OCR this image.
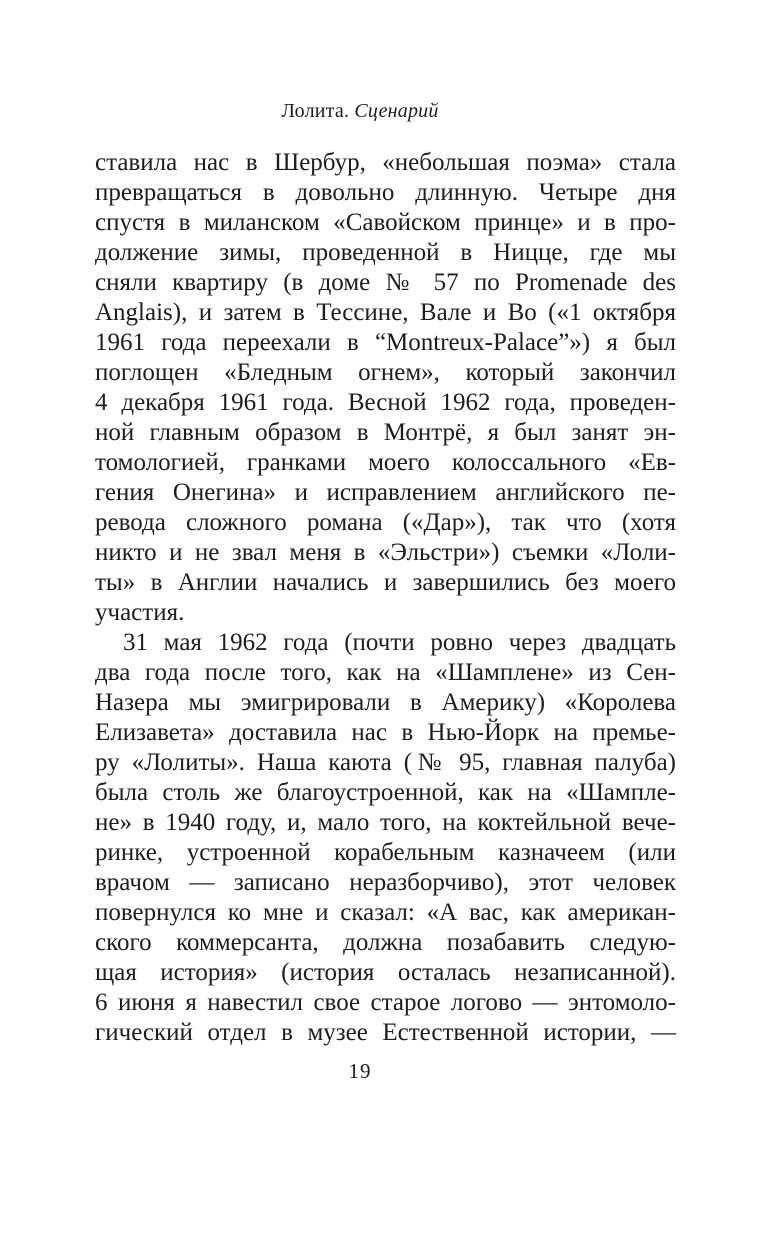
Лолита. Сценарий
ставила нас в Шербур, «небольшая поэма» стала
превращаться в довольно длинную. Четыре дня
спустя в миланском «Савойском принце» и в про-
должение зимы, проведенной в Ницце, где мы
сняли квартиру (в доме № 57 по Promenade des
Anglais), и затем в Тессине, Вале и Во («1 октября
1961 года переехали в “Montreux-Palace”») я был
поглощен «Бледным огнем», который закончил
4 декабря 1961 года. Весной 1962 года, проведен-
ной главным образом в Монтрё, я был занят эн-
томологией, гранками моего колоссального «Ев-
гения Онегина» и исправлением английского пе-
ревода сложного романа («Дар»), так что (хотя
никто и не звал меня в «Эльстри») съемки «Лоли-
ты» в Англии начались и завершились без моего
участия.
31 мая 1962 года (почти ровно через двадцать
два года после того, как на «Шамплене» из Сен-
Назера мы эмигрировали в Америку) «Королева
Елизавета» доставила нас в Нью-Йорк на премье-
ру «Лолиты». Наша каюта (№ 95, главная палуба)
была столь же благоустроенной, как на «Шампле-
не» в 1940 году, и, мало того, на коктейльной вече-
ринке, устроенной корабельным казначеем (или
врачом — записано неразборчиво), этот человек
повернулся ко мне и сказал: «А вас, как американ-
ского коммерсанта, должна позабавить следую-
щая история» (история осталась незаписанной).
6 июня я навестил свое старое логово — энтомоло-
гический отдел в музее Естественной истории, —
19
